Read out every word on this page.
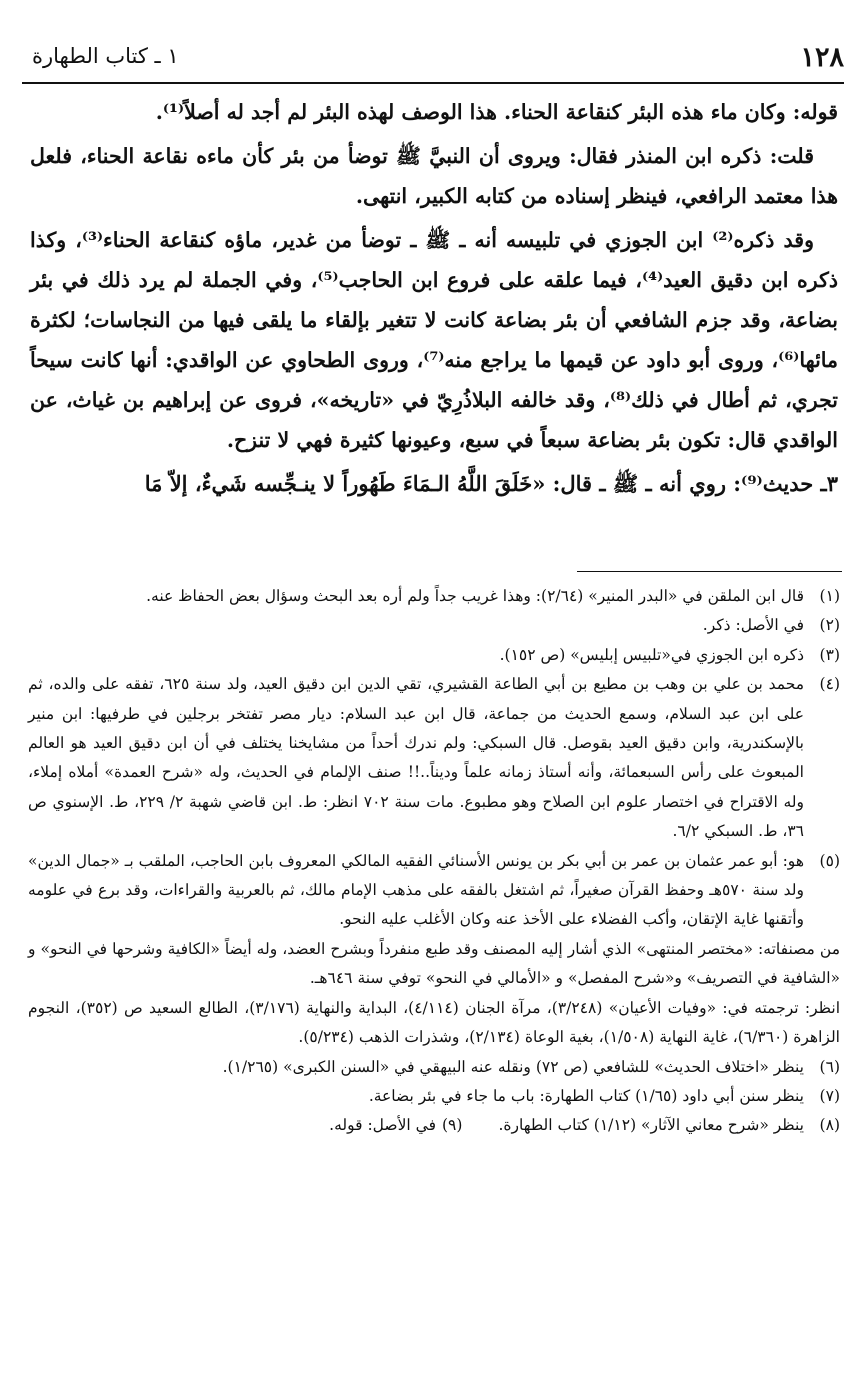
١٢٨
١ ـ كتاب الطهارة

قوله: وكان ماء هذه البئر كنقاعة الحناء. هذا الوصف لهذه البئر لم أجد له أصلاً⁽¹⁾.

قلت: ذكره ابن المنذر فقال: ويروى أن النبيَّ ﷺ توضأ من بئر كأن ماءه نقاعة الحناء، فلعل هذا معتمد الرافعي، فينظر إسناده من كتابه الكبير، انتهى.

وقد ذكره⁽²⁾ ابن الجوزي في تلبيسه أنه ـ ﷺ ـ توضأ من غدير، ماؤه كنقاعة الحناء⁽³⁾، وكذا ذكره ابن دقيق العيد⁽⁴⁾، فيما علقه على فروع ابن الحاجب⁽⁵⁾، وفي الجملة لم يرد ذلك في بئر بضاعة، وقد جزم الشافعي أن بئر بضاعة كانت لا تتغير بإلقاء ما يلقى فيها من النجاسات؛ لكثرة مائها⁽⁶⁾، وروى أبو داود عن قيمها ما يراجع منه⁽⁷⁾، وروى الطحاوي عن الواقدي: أنها كانت سيحاً تجري، ثم أطال في ذلك⁽⁸⁾، وقد خالفه البلاذُرِيّ في «تاريخه»، فروى عن إبراهيم بن غياث، عن الواقدي قال: تكون بئر بضاعة سبعاً في سبع، وعيونها كثيرة فهي لا تنزح.

٣ـ حديث⁽⁹⁾: روي أنه ـ ﷺ ـ قال: «خَلَقَ اللَّهُ الـمَاءَ طَهُوراً لا ينـجِّسه شَيءٌ، إلاّ مَا

(١)
قال ابن الملقن في «البدر المنير» (٢/٦٤): وهذا غريب جداً ولم أره بعد البحث وسؤال بعض الحفاظ عنه.
(٢)
في الأصل: ذكر.
(٣)
ذكره ابن الجوزي في«تلبيس إبليس» (ص ١٥٢).
(٤)
محمد بن علي بن وهب بن مطيع بن أبي الطاعة القشيري، تقي الدين ابن دقيق العيد، ولد سنة ٦٢٥، تفقه على والده، ثم على ابن عبد السلام، وسمع الحديث من جماعة، قال ابن عبد السلام: ديار مصر تفتخر برجلين في طرفيها: ابن منير بالإسكندرية، وابن دقيق العيد بقوصل. قال السبكي: ولم ندرك أحداً من مشايخنا يختلف في أن ابن دقيق العيد هو العالم المبعوث على رأس السبعمائة، وأنه أستاذ زمانه علماً وديناً..!! صنف الإلمام في الحديث، وله «شرح العمدة» أملاه إملاء، وله الاقتراح في اختصار علوم ابن الصلاح وهو مطبوع. مات سنة ٧٠٢ انظر: ط. ابن قاضي شهبة ٢/ ٢٢٩، ط. الإسنوي ص ٣٦، ط. السبكي ٦/٢.
(٥)
هو: أبو عمر عثمان بن عمر بن أبي بكر بن يونس الأسنائي الفقيه المالكي المعروف بابن الحاجب، الملقب بـ «جمال الدين» ولد سنة ٥٧٠هـ وحفظ القرآن صغيراً، ثم اشتغل بالفقه على مذهب الإمام مالك، ثم بالعربية والقراءات، وقد برع في علومه وأتقنها غاية الإتقان، وأكب الفضلاء على الأخذ عنه وكان الأغلب عليه النحو.
من مصنفاته: «مختصر المنتهى» الذي أشار إليه المصنف وقد طبع منفرداً وبشرح العضد، وله أيضاً «الكافية وشرحها في النحو» و «الشافية في التصريف» و«شرح المفصل» و «الأمالي في النحو» توفي سنة ٦٤٦هـ.
انظر: ترجمته في: «وفيات الأعيان» (٣/٢٤٨)، مرآة الجنان (٤/١١٤)، البداية والنهاية (٣/١٧٦)، الطالع السعيد ص (٣٥٢)، النجوم الزاهرة (٦/٣٦٠)، غاية النهاية (١/٥٠٨)، بغية الوعاة (٢/١٣٤)، وشذرات الذهب (٥/٢٣٤).
(٦)
ينظر «اختلاف الحديث» للشافعي (ص ٧٢) ونقله عنه البيهقي في «السنن الكبرى» (١/٢٦٥).
(٧)
ينظر سنن أبي داود (١/٦٥) كتاب الطهارة: باب ما جاء في بئر بضاعة.
(٨)
ينظر «شرح معاني الآثار» (١/١٢) كتاب الطهارة.
(٩)
في الأصل: قوله.
